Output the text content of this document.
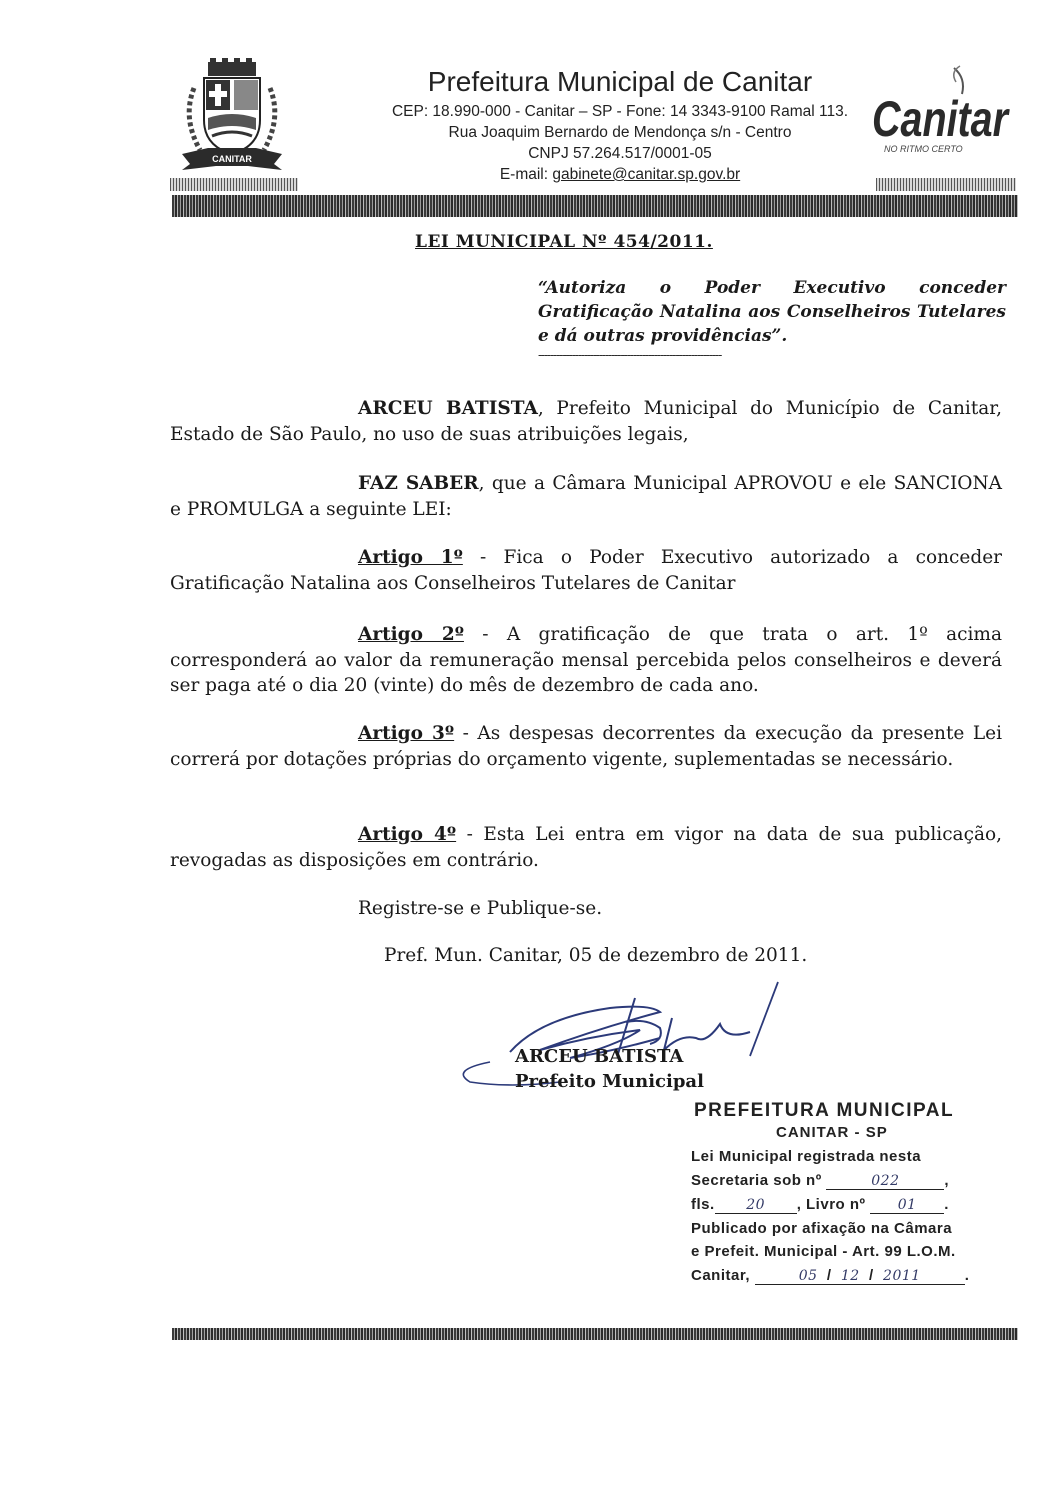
CANITAR
Prefeitura Municipal de Canitar
CEP: 18.990-000 - Canitar – SP - Fone: 14 3343-9100 Ramal 113.
Rua Joaquim Bernardo de Mendonça s/n - Centro
CNPJ 57.264.517/0001-05
E-mail: gabinete@canitar.sp.gov.br
Canitar
NO RITMO CERTO
LEI MUNICIPAL Nº 454/2011.
“Autoriza o Poder Executivo conceder Gratificação Natalina aos Conselheiros Tutelares e dá outras providências”.
------------------------------------------------------------
ARCEU BATISTA, Prefeito Municipal do Município de Canitar, Estado de São Paulo, no uso de suas atribuições legais,
FAZ SABER, que a Câmara Municipal APROVOU e ele SANCIONA e PROMULGA a seguinte LEI:
Artigo 1º - Fica o Poder Executivo autorizado a conceder Gratificação Natalina aos Conselheiros Tutelares de Canitar
Artigo 2º - A gratificação de que trata o art. 1º acima corresponderá ao valor da remuneração mensal percebida pelos conselheiros e deverá ser paga até o dia 20 (vinte) do mês de dezembro de cada ano.
Artigo 3º - As despesas decorrentes da execução da presente Lei correrá por dotações próprias do orçamento vigente, suplementadas se necessário.
Artigo 4º - Esta Lei entra em vigor na data de sua publicação, revogadas as disposições em contrário.
Registre-se e Publique-se.
Pref. Mun. Canitar, 05 de dezembro de 2011.
ARCEU BATISTA
Prefeito Municipal
PREFEITURA MUNICIPAL
CANITAR - SP
Lei Municipal registrada nesta
Secretaria sob nº	022	,
fls. 20 , Livro nº 01 .
Publicado por afixação na Câmara
e Prefeit. Municipal - Art. 99 L.O.M.
Canitar,	05  /  12  /  2011	.
